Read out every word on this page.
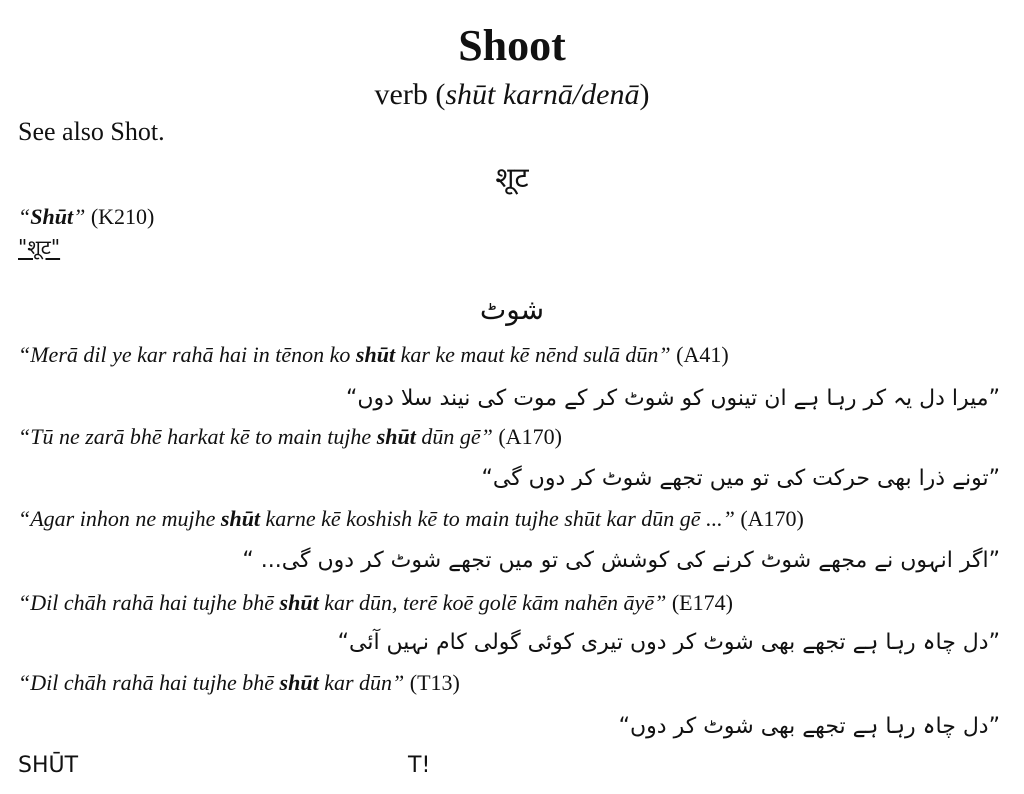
Shoot
verb (shūt karnā/denā)
See also Shot.
शूट
“Shūt” (K210)
"शूट"
شوٹ
“Merā dil ye kar rahā hai in tēnon ko shūt kar ke maut kē nēnd sulā dūn” (A41)
”میرا دل یہ کر رہا ہے ان تینوں کو شوٹ کر کے موت کی نیند سلا دوں“
“Tū ne zarā bhē harkat kē to main tujhe shūt dūn gē” (A170)
”تونے ذرا بھی حرکت کی تو میں تجھے شوٹ کر دوں گی“
“Agar inhon ne mujhe shūt karne kē koshish kē to main tujhe shūt kar dūn gē ...” (A170)
”اگر انہوں نے مجھے شوٹ کرنے کی کوشش کی تو میں تجھے شوٹ کر دوں گی... “
“Dil chāh rahā hai tujhe bhē shūt kar dūn, terē koē golē kām nahēn āyē” (E174)
”دل چاہ رہا ہے تجھے بھی شوٹ کر دوں تیری کوئی گولی کام نہیں آئی“
“Dil chāh rahā hai tujhe bhē shūt kar dūn” (T13)
”دل چاہ رہا ہے تجھے بھی شوٹ کر دوں“
SHŪT	T!
